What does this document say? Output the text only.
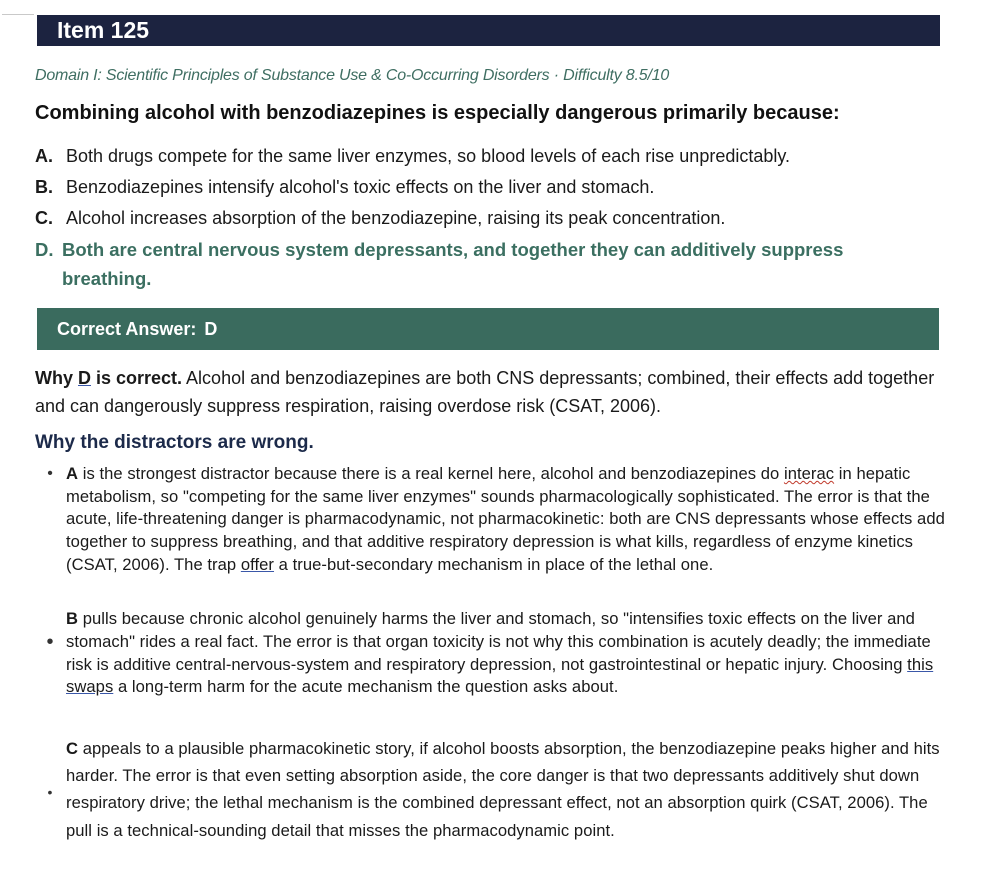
Item 125
Domain I: Scientific Principles of Substance Use & Co-Occurring Disorders · Difficulty 8.5/10
Combining alcohol with benzodiazepines is especially dangerous primarily because:
A. Both drugs compete for the same liver enzymes, so blood levels of each rise unpredictably.
B. Benzodiazepines intensify alcohol's toxic effects on the liver and stomach.
C. Alcohol increases absorption of the benzodiazepine, raising its peak concentration.
D. Both are central nervous system depressants, and together they can additively suppress breathing.
Correct Answer: D
Why D is correct. Alcohol and benzodiazepines are both CNS depressants; combined, their effects add together and can dangerously suppress respiration, raising overdose risk (CSAT, 2006).
Why the distractors are wrong.
• A is the strongest distractor because there is a real kernel here, alcohol and benzodiazepines do interac in hepatic metabolism, so "competing for the same liver enzymes" sounds pharmacologically sophisticated. The error is that the acute, life-threatening danger is pharmacodynamic, not pharmacokinetic: both are CNS depressants whose effects add together to suppress breathing, and that additive respiratory depression is what kills, regardless of enzyme kinetics (CSAT, 2006). The trap offer a true-but-secondary mechanism in place of the lethal one.
•
B pulls because chronic alcohol genuinely harms the liver and stomach, so "intensifies toxic effects on the liver and stomach" rides a real fact. The error is that organ toxicity is not why this combination is acutely deadly; the immediate risk is additive central-nervous-system and respiratory depression, not gastrointestinal or hepatic injury. Choosing this swaps a long-term harm for the acute mechanism the question asks about.
•
C appeals to a plausible pharmacokinetic story, if alcohol boosts absorption, the benzodiazepine peaks higher and hits harder. The error is that even setting absorption aside, the core danger is that two depressants additively shut down respiratory drive; the lethal mechanism is the combined depressant effect, not an absorption quirk (CSAT, 2006). The pull is a technical-sounding detail that misses the pharmacodynamic point.
